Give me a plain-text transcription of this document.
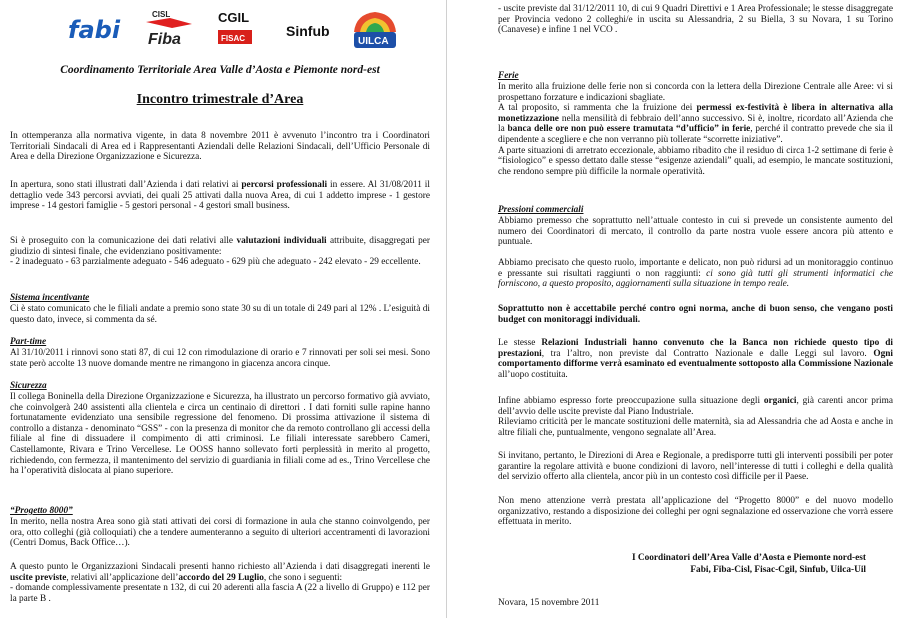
fabi
CISL
Fiba
CGIL
FISAC	Sinfub
UILCA
Coordinamento Territoriale Area Valle d’Aosta e Piemonte nord-est
Incontro trimestrale d’Area

In ottemperanza alla normativa vigente, in data 8 novembre 2011 è avvenuto l’incontro tra i Coordinatori Territoriali Sindacali di Area ed i Rappresentanti Aziendali delle Relazioni Sindacali, dell’Ufficio Personale di Area e della Direzione Organizzazione e Sicurezza.

In apertura, sono stati illustrati dall’Azienda i dati relativi ai percorsi professionali in essere. Al 31/08/2011 il dettaglio vede 343 percorsi avviati, dei quali 25 attivati dalla nuova Area, di cui 1 addetto imprese - 1 gestore imprese - 14 gestori famiglie - 5 gestori personal - 4 gestori small business.

Si è proseguito con la comunicazione dei dati relativi alle valutazioni individuali attribuite, disaggregati per giudizio di sintesi finale, che evidenziano positivamente:

- 2 inadeguato - 63 parzialmente adeguato - 546 adeguato - 629 più che adeguato - 242 elevato - 29 eccellente.

Sistema incentivante

Ci è stato comunicato che le filiali andate a premio sono state 30 su di un totale di 249 pari al 12% . L’esiguità di questo dato, invece, si commenta da sé.

Part-time

Al 31/10/2011 i rinnovi sono stati 87, di cui 12 con rimodulazione di orario e 7 rinnovati per soli sei mesi. Sono state però accolte 13 nuove domande mentre ne rimangono in giacenza ancora cinque.

Sicurezza

Il collega Boninella della Direzione Organizzazione e Sicurezza, ha illustrato un percorso formativo già avviato, che coinvolgerà 240 assistenti alla clientela e circa un centinaio di direttori . I dati forniti sulle rapine hanno fortunatamente evidenziato una sensibile regressione del fenomeno. Di prossima attivazione il sistema di controllo a distanza - denominato “GSS” - con la presenza di monitor che da remoto controllano gli accessi della filiale al fine di dissuadere il compimento di atti criminosi. Le filiali interessate sarebbero Cameri, Castellamonte, Rivara e Trino Vercellese. Le OOSS hanno sollevato forti perplessità in merito al progetto, richiedendo, con fermezza, il mantenimento del servizio di guardiania in filiali come ad es., Trino Vercellese che ha l’operatività dislocata al piano superiore.

“Progetto 8000”

In merito, nella nostra Area sono già stati attivati dei corsi di formazione in aula che stanno coinvolgendo, per ora, otto colleghi (già colloquiati) che a tendere aumenteranno a seguito di ulteriori accentramenti di lavorazioni (Centri Domus, Back Office…).

A questo punto le Organizzazioni Sindacali presenti hanno richiesto all’Azienda i dati disaggregati inerenti le uscite previste, relativi all’applicazione dell’accordo del 29 Luglio, che sono i seguenti:

- domande complessivamente presentate n 132, di cui 20 aderenti alla fascia A (22 a livello di Gruppo) e 112 per la parte B .

- uscite previste dal 31/12/2011 10, di cui 9 Quadri Direttivi e 1 Area Professionale; le stesse disaggregate per Provincia vedono 2 colleghi/e in uscita su Alessandria, 2 su Biella, 3 su Novara, 1 su Torino (Canavese) e infine 1 nel VCO .

Ferie

In merito alla fruizione delle ferie non si concorda con la lettera della Direzione Centrale alle Aree: vi si prospettano forzature e indicazioni sbagliate.

A tal proposito, si rammenta che la fruizione dei permessi ex-festività è libera in alternativa alla monetizzazione nella mensilità di febbraio dell’anno successivo. Si è, inoltre, ricordato all’Azienda che la banca delle ore non può essere tramutata “d’ufficio” in ferie, perché il contratto prevede che sia il dipendente a scegliere e che non verranno più tollerate “scorrette iniziative”.

A parte situazioni di arretrato eccezionale, abbiamo ribadito che il residuo di circa 1-2 settimane di ferie è “fisiologico” e spesso dettato dalle stesse “esigenze aziendali” quali, ad esempio, le mancate sostituzioni, che rendono sempre più difficile la normale operatività.

Pressioni commerciali

Abbiamo premesso che soprattutto nell’attuale contesto in cui si prevede un consistente aumento del numero dei Coordinatori di mercato, il controllo da parte nostra vuole essere ancora più attento e puntuale.

Abbiamo precisato che questo ruolo, importante e delicato, non può ridursi ad un monitoraggio continuo e pressante sui risultati raggiunti o non raggiunti: ci sono già tutti gli strumenti informatici che forniscono, a questo proposito, aggiornamenti sulla situazione in tempo reale.

Soprattutto non è accettabile perché contro ogni norma, anche di buon senso, che vengano posti budget con monitoraggi individuali.

Le stesse Relazioni Industriali hanno convenuto che la Banca non richiede questo tipo di prestazioni, tra l’altro, non previste dal Contratto Nazionale e dalle Leggi sul lavoro. Ogni comportamento difforme verrà esaminato ed eventualmente sottoposto alla Commissione Nazionale all’uopo costituita.

Infine abbiamo espresso forte preoccupazione sulla situazione degli organici, già carenti ancor prima dell’avvio delle uscite previste dal Piano Industriale.

Rileviamo criticità per le mancate sostituzioni delle maternità, sia ad Alessandria che ad Aosta e anche in altre filiali che, puntualmente, vengono segnalate all’Area.

Si invitano, pertanto, le Direzioni di Area e Regionale, a predisporre tutti gli interventi possibili per poter garantire la regolare attività e buone condizioni di lavoro, nell’interesse di tutti i colleghi e della qualità del servizio offerto alla clientela, ancor più in un contesto così difficile per il Paese.

Non meno attenzione verrà prestata all’applicazione del “Progetto 8000” e del nuovo modello organizzativo, restando a disposizione dei colleghi per ogni segnalazione ed osservazione che vorrà essere effettuata in merito.

I Coordinatori dell’Area Valle d’Aosta e Piemonte nord-est
Fabi, Fiba-Cisl, Fisac-Cgil, Sinfub, Uilca-Uil

Novara, 15 novembre 2011
